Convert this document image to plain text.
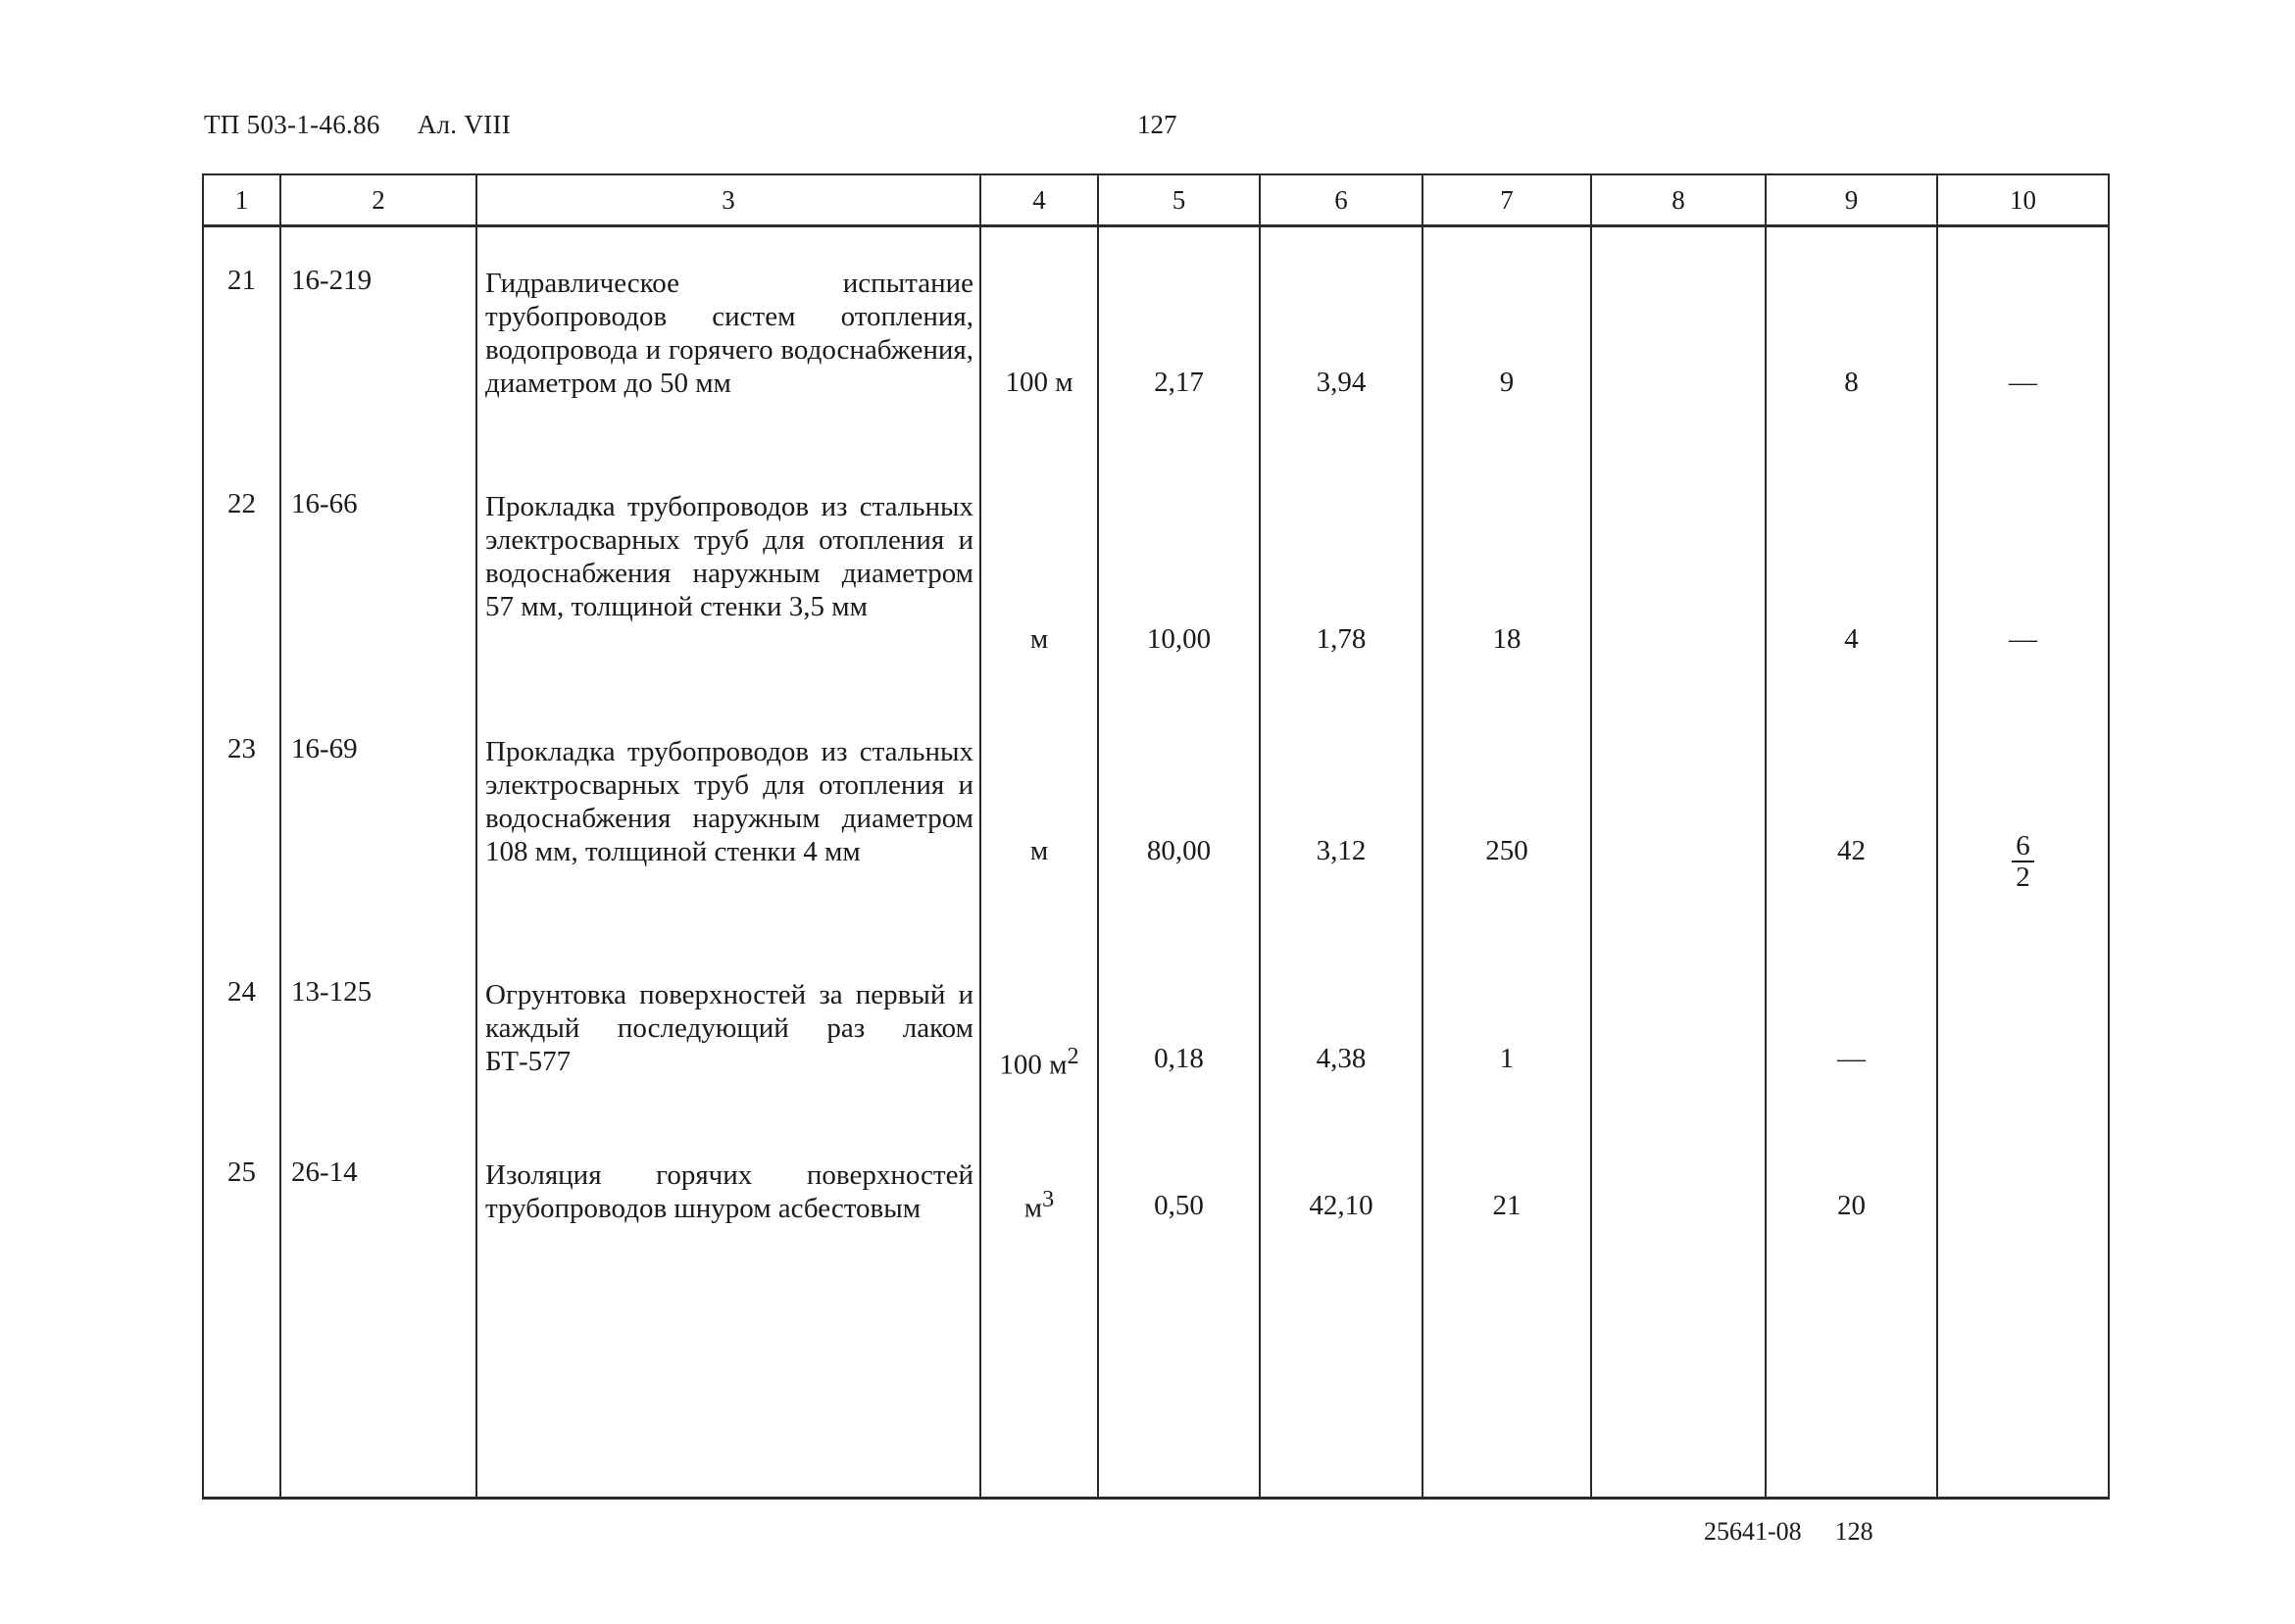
ТП 503-1-46.86 Ал. VIII	127
1	2	3	4	5	6	7	8	9	10
21	16-219	Гидравлическое испытание трубопроводов систем отопления, водопровода и горячего водоснабжения, диаметром до 50 мм	100 м	2,17	3,94	9		8	—
22	16-66	Прокладка трубопроводов из стальных электросварных труб для отопления и водоснабжения наружным диаметром 57 мм, толщиной стенки 3,5 мм	м	10,00	1,78	18		4	—
23	16-69	Прокладка трубопроводов из стальных электросварных труб для отопления и водоснабжения наружным диаметром 108 мм, толщиной стенки 4 мм	м	80,00	3,12	250		42	$\frac{6}{2}$

24	13-125	Огрунтовка поверхностей за первый и каждый последующий раз лаком БТ-577	100 $м^2$	0,18	4,38	1		—	
25	26-14	Изоляция горячих поверхностей трубопроводов шнуром асбестовым	$м^3$	0,50	42,10	21		20	

25641-08 128
